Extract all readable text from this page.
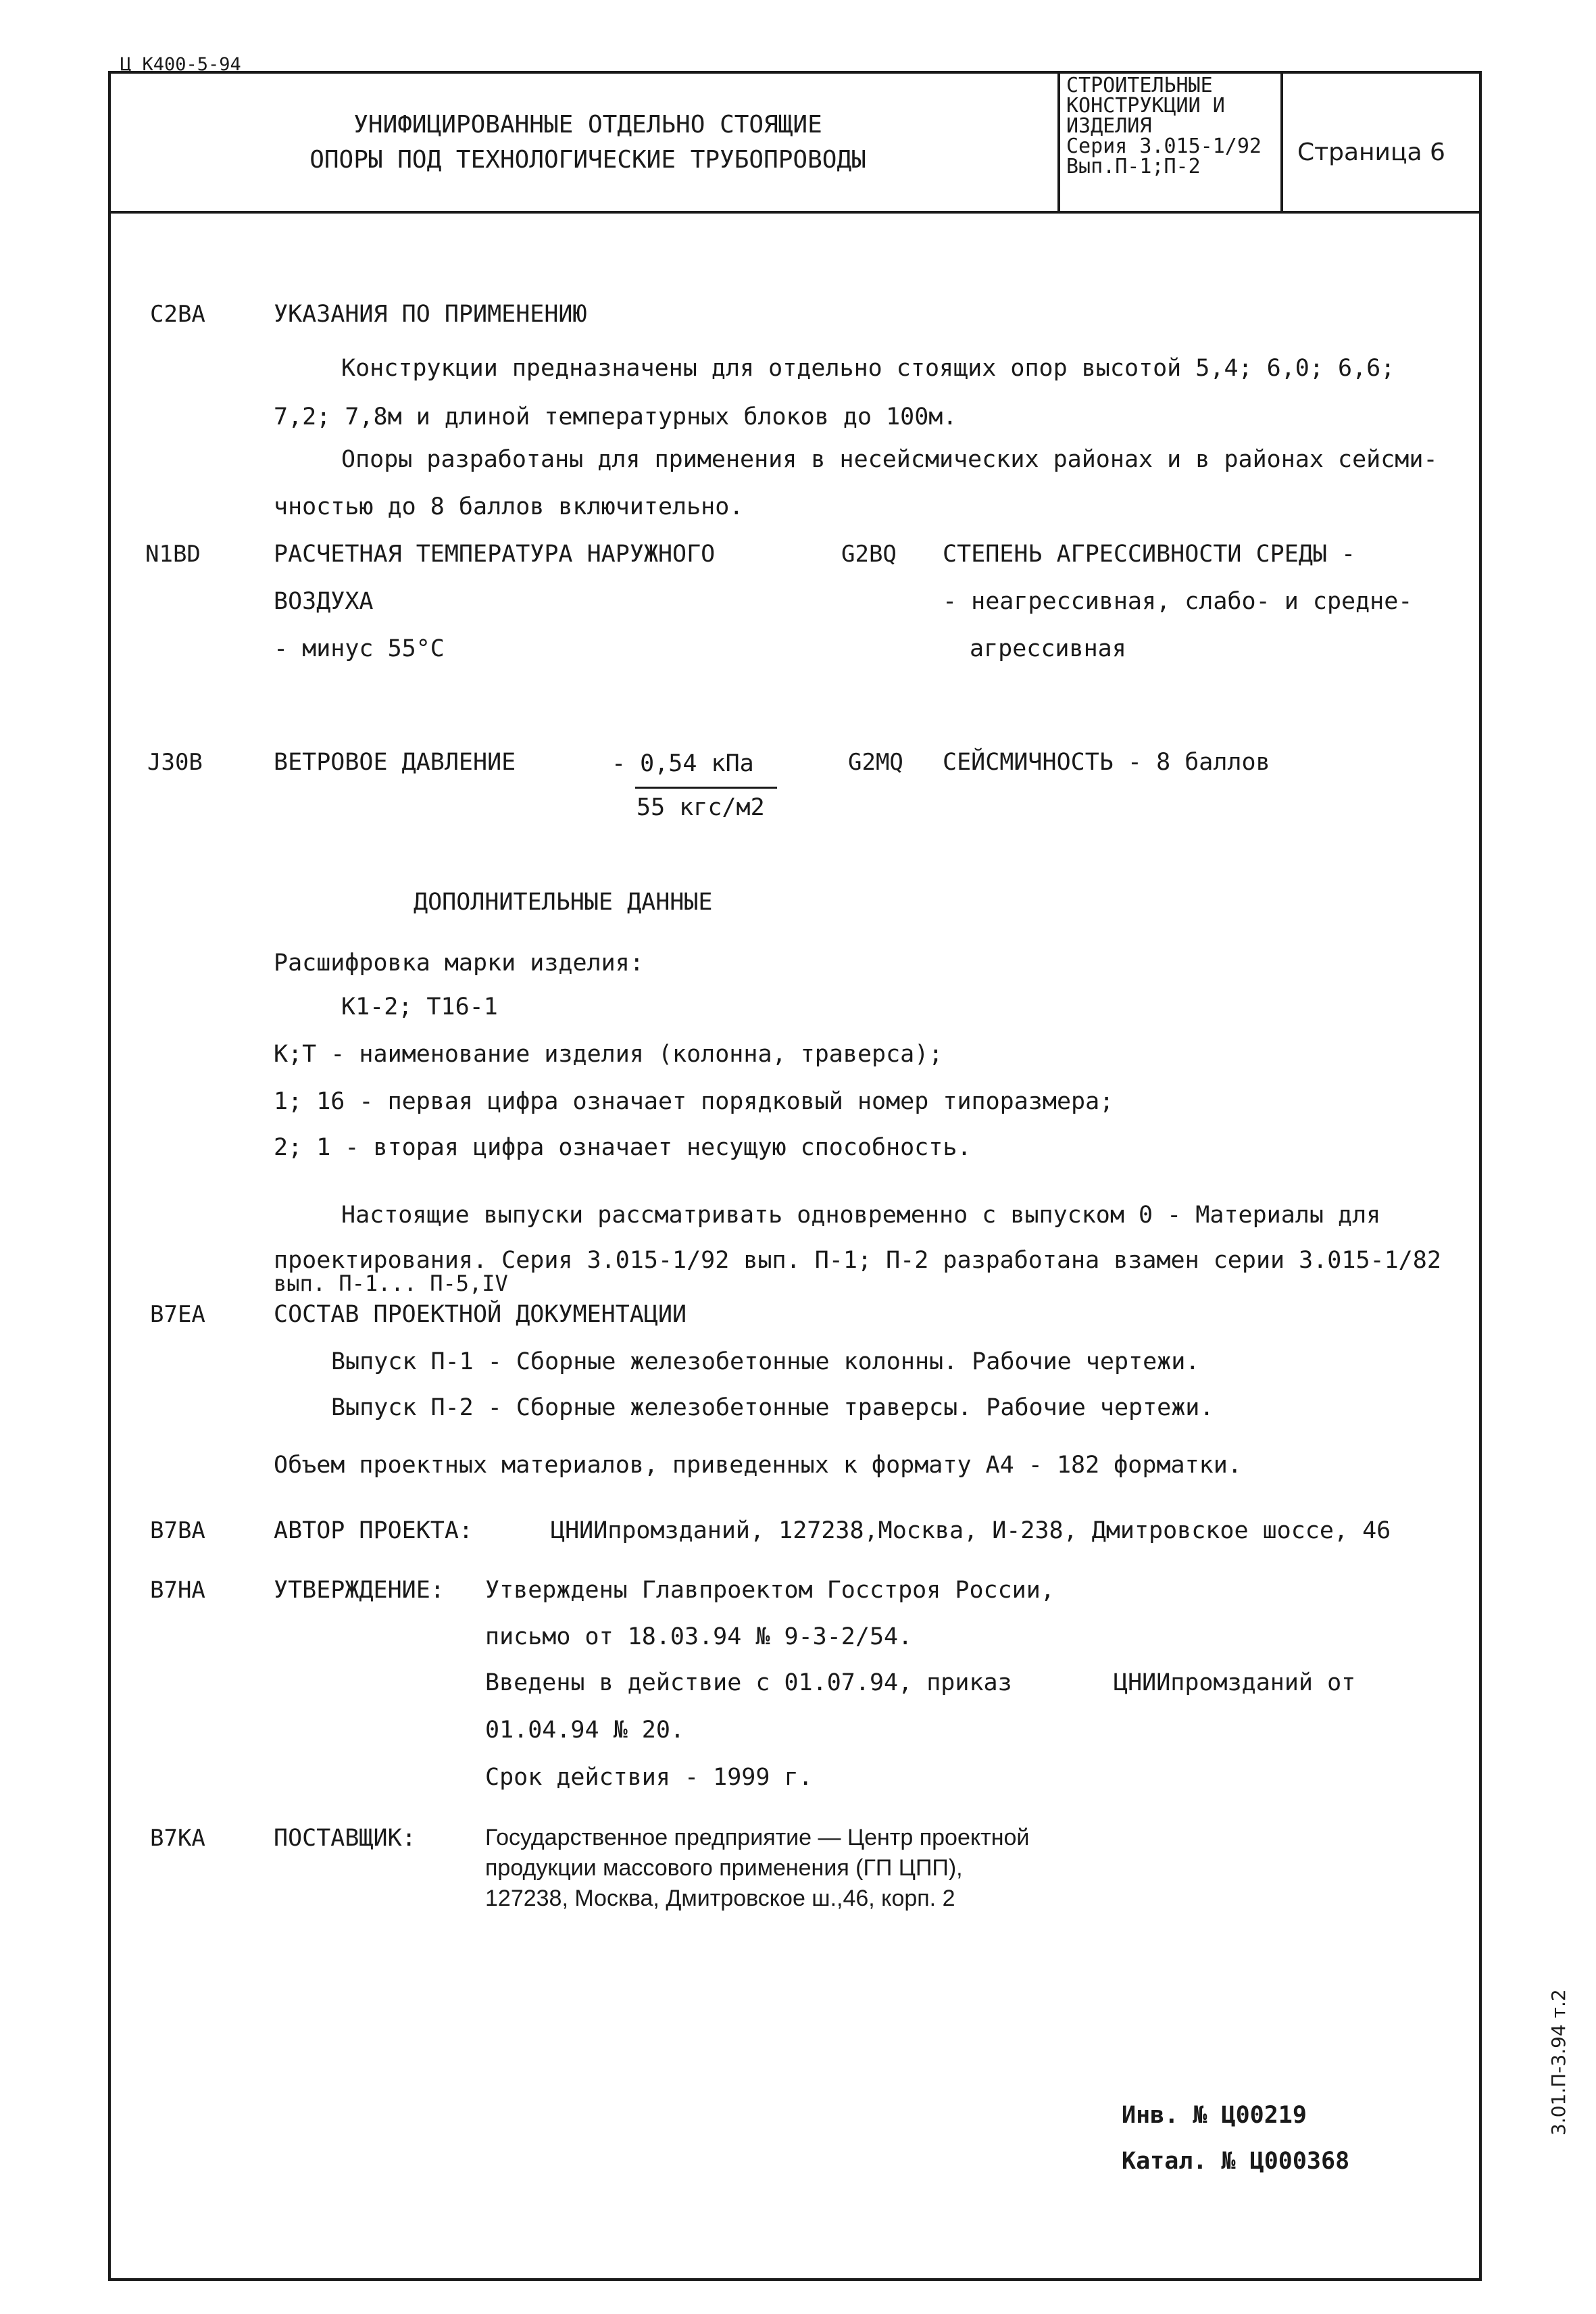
Ц К400-5-94
УНИФИЦИРОВАННЫЕ ОТДЕЛЬНО СТОЯЩИЕ
ОПОРЫ ПОД ТЕХНОЛОГИЧЕСКИЕ ТРУБОПРОВОДЫ
СТРОИТЕЛЬНЫЕ
КОНСТРУКЦИИ И
ИЗДЕЛИЯ
Серия 3.015-1/92
Вып.П-1;П-2
Страница 6
C2BA	УКАЗАНИЯ ПО ПРИМЕНЕНИЮ
Конструкции предназначены для отдельно стоящих опор высотой 5,4; 6,0; 6,6;
7,2; 7,8м и длиной температурных блоков до 100м.
Опоры разработаны для применения в несейсмических районах и в районах сейсми-
чностью до 8 баллов включительно.
N1BD	РАСЧЕТНАЯ ТЕМПЕРАТУРА НАРУЖНОГО
ВОЗДУХА
- минус 55°С
G2BQ СТЕПЕНЬ АГРЕССИВНОСТИ СРЕДЫ -
- неагрессивная, слабо- и средне-
агрессивная
J30B	ВЕТРОВОЕ ДАВЛЕНИЕ	- 0,54 кПа
55 кгс/м2
G2MQ СЕЙСМИЧНОСТЬ - 8 баллов
ДОПОЛНИТЕЛЬНЫЕ ДАННЫЕ
Расшифровка марки изделия:
К1-2; Т16-1
К;Т - наименование изделия (колонна, траверса);
1; 16 - первая цифра означает порядковый номер типоразмера;
2; 1 - вторая цифра означает несущую способность.
Настоящие выпуски рассматривать одновременно с выпуском 0 - Материалы для
проектирования. Серия 3.015-1/92 вып. П-1; П-2 разработана взамен серии 3.015-1/82
вып. П-1... П-5,IV
B7EA	СОСТАВ ПРОЕКТНОЙ ДОКУМЕНТАЦИИ
Выпуск П-1 - Сборные железобетонные колонны. Рабочие чертежи.
Выпуск П-2 - Сборные железобетонные траверсы. Рабочие чертежи.
Объем проектных материалов, приведенных к формату А4 - 182 форматки.
B7BA	АВТОР ПРОЕКТА:	ЦНИИпромзданий, 127238,Москва, И-238, Дмитровское шоссе, 46
B7HA	УТВЕРЖДЕНИЕ: Утверждены Главпроектом Госстроя России,
письмо от 18.03.94 № 9-3-2/54.
Введены в действие с 01.07.94, приказ	ЦНИИпромзданий от
01.04.94 № 20.
Срок действия - 1999 г.
B7KA	ПОСТАВЩИК:	Государственное предприятие — Центр проектной
продукции массового применения (ГП ЦПП),
127238, Москва, Дмитровское ш.,46, корп. 2
Инв. № Ц00219
Катал. № Ц000368
3.01.П-3.94 т.2
